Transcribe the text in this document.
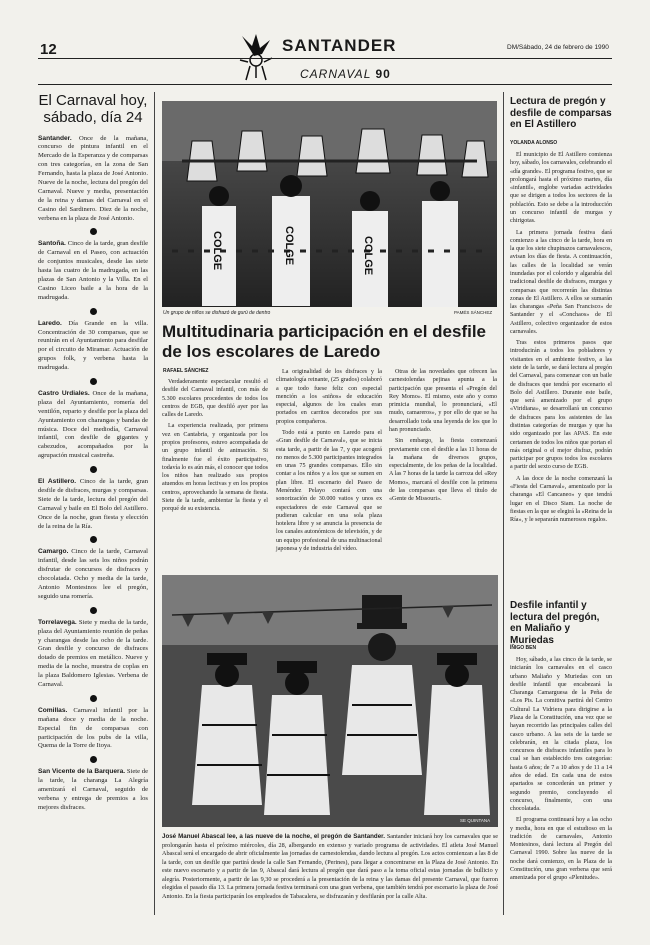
12	SANTANDER	DM/Sábado, 24 de febrero de 1990
CARNAVAL 90
El Carnaval hoy, sábado, día 24

Santander. Once de la mañana, concurso de pintura infantil en el Mercado de la Esperanza y de comparsas con tres categorías, en la zona de San Fernando, hasta la plaza de José Antonio. Nueve de la noche, lectura del pregón del Carnaval. Nueve y media, presentación de la reina y damas del Carnaval en el Casino del Sardinero. Diez de la noche, verbena en la plaza de José Antonio.

Santoña. Cinco de la tarde, gran desfile de Carnaval en el Paseo, con actuación de conjuntos musicales, desde las siete hasta las cuatro de la madrugada, en las plazas de San Antonio y la Villa. En el Casino Liceo baile a la hora de la madrugada.

Laredo. Día Grande en la villa. Concentración de 30 comparsas, que se reunirán en el Ayuntamiento para desfilar por el circuito de Miramar. Actuación de grupos folk, y verbena hasta la madrugada.

Castro Urdiales. Once de la mañana, plaza del Ayuntamiento, romería del ventilón, reparto y desfile por la plaza del Ayuntamiento con charangas y bandas de música. Doce del mediodía, Carnaval infantil, con desfile de gigantes y cabezudos, acompañados por la agrupación musical castreña.

El Astillero. Cinco de la tarde, gran desfile de disfraces, murgas y comparsas. Siete de la tarde, lectura del pregón del Carnaval y baile en El Bolo del Astillero. Once de la noche, gran fiesta y elección de la reina de la Ría.

Camargo. Cinco de la tarde, Carnaval infantil, desde las seis los niños podrán disfrutar de concursos de disfraces y chocolatada. Ocho y media de la tarde, Antonio Montesinos lee el pregón, seguido una romería.

Torrelavega. Siete y media de la tarde, plaza del Ayuntamiento reunión de peñas y charangas desde las ocho de la tarde. Gran desfile y concurso de disfraces dotado de premios en metálico. Nueve y media de la noche, muestra de coplas en la plaza Baldomero Iglesias. Verbena de Carnaval.

Comillas. Carnaval infantil por la mañana doce y media de la noche. Especial fin de comparsas con participación de los pubs de la villa, Quema de la Torre de Itoya.

San Vicente de la Barquera. Siete de la tarde, la charanga La Alegría amenizará el Carnaval, seguido de verbena y entrega de premios a los mejores disfraces.

COLGE	COLGE	COLGE
Un grupo de niños se disfrazó de gurú de dentro	PAMÉS SÁNCHEZ
Multitudinaria participación en el desfile de los escolares de Laredo
RAFAEL SÁNCHEZ

Verdaderamente espectacular resultó el desfile del Carnaval infantil, con más de 5.300 escolares procedentes de todos los centros de EGB, que desfiló ayer por las calles de Laredo.

La experiencia realizada, por primera vez en Cantabria, y organizada por los propios profesores, estuvo acompañada de un grupo infantil de animación. Si finalmente fue el éxito participativo, todavía lo es aún más, el conocer que todos los niños han realizado sus propios atuendos en horas lectivas y en los propios centros, aprovechando la semana de fiesta. Siete de la tarde, ambientar la fiesta y el porqué de su existencia.

La originalidad de los disfraces y la climatología reinante, (25 grados) colaboró a que todo fuese feliz con especial mención a los «niños» de educación especial, algunos de los cuales eran portados en carritos decorados por sus propios compañeros.

Todo está a punto en Laredo para el «Gran desfile de Carnaval», que se inicia esta tarde, a partir de las 7, y que acogerá no menos de 5.300 participantes integrados en unas 75 grandes comparsas. Ello sin contar a los niños y a los que se sumen en plan libre. El escenario del Paseo de Menéndez Pelayo contará con una sonorización de 30.000 vatios y unos ex espectadores de este Carnaval que se pudieran calcular en una sola plaza hotelera libre y se anuncia la presencia de los canales autonómicos de televisión, y de un equipo profesional de una multinacional japonesa y de industria del vídeo.

Otras de las novedades que ofrecen las carnestolendas pejinas apunta a la participación que presenta el «Pregón del Rey Momo». El mismo, este año y como primicia mundial, lo pronunciará, «El mudo, camareros», y por ello de que se ha desarrollado toda una leyenda de los que lo han pronunciado.

Sin embargo, la fiesta comenzará previamente con el desfile a las 11 horas de la mañana de diversos grupos, especialmente, de los peñas de la localidad. A las 7 horas de la tarde la carroza del «Rey Momo», marcará el desfile con la primera de las comparsas que lleva el título de «Gente de Missouri».

Lectura de pregón y desfile de comparsas en El Astillero
YOLANDA ALONSO

El municipio de El Astillero comienza hoy, sábado, los carnavales, celebrando el «día grande». El programa festivo, que se prolongará hasta el próximo martes, día «infantil», englobe variadas actividades que se dirigen a todos los sectores de la población. Esto se debe a la introducción un concurso infantil de murgas y chirigotas.

La primera jornada festiva dará comienzo a las cinco de la tarde, hora en la que los siete chupinazos carnavalescos, avisan los días de fiesta. A continuación, las calles de la localidad se verán inundadas por el colorido y algarabía del tradicional desfile de disfraces, murgas y comparsas que recorrerán las distintas zonas de El Astillero. A ellos se sumarán las charangas «Peña San Francisco» de Santander y el «Conchaos» de El Astillero, colectivo organizador de estos carnavales.

Tras estos primeros pasos que introducirán a todos los pobladores y visitantes en el ambiente festivo, a las siete de la tarde, se dará lectura al pregón del Carnaval, para comenzar con un baile de disfraces que tendrá por escenario el Bolo del Astillero. Durante este baile, que será amenizado por el grupo «Viridiana», se desarrollará un concurso de disfraces para los asistentes de las distintas categorías de murgas y que ha sido organizado por las APAS. En este certamen de todos los niños que portan el más original o el mejor disfraz, podrán participar por grupos todos los escolares a partir del sexto curso de EGB.

A las doce de la noche comenzará la «Fiesta del Carnaval», amenizado por la charanga «El Cancaneo» y que tendrá lugar en el Disco Siam. La noche de fiestas en la que se elegirá la «Reina de la Ría», y le separarán numerosos regalos.

Desfile infantil y lectura del pregón, en Maliaño y Muriedas
ÍÑIGO BEN

Hoy, sábado, a las cinco de la tarde, se iniciarán los carnavales en el casco urbano Maliaño y Muriedas con un desfile infantil que encabezará la Charanga Camarguesa de la Peña de «Los Pis. La comitiva partirá del Centro Cultural La Vidriera para dirigirse a la Plaza de la Constitución, una vez que se hayan recorrido las principales calles del casco urbano. A las seis de la tarde se celebrarán, en la citada plaza, los concursos de disfraces infantiles para lo cual se han establecido tres categorías: hasta 6 años; de 7 a 10 años y de 11 a 14 años de edad. En cada una de estos apartados se concederán un primer y segundo premio, concluyendo el concurso, finalmente, con una chocolatada.

El programa continuará hoy a las ocho y media, hora en que el estudioso en la tradición de carnavales, Antonio Montesinos, dará lectura al Pregón del Carnaval 1990. Sobre las nueve de la noche dará comienzo, en la Plaza de la Constitución, una gran verbena que será amenizada por el grupo «Plenitude».

SE QUINTANA
José Manuel Abascal lee, a las nueve de la noche, el pregón de Santander. Santander iniciará hoy los carnavales que se prolongarán hasta el próximo miércoles, día 28, albergando en extenso y variado programa de actividades. El atleta José Manuel Abascal será el encargado de abrir oficialmente las jornadas de carnestolendas, dando lectura al pregón. Los actos comienzan a las 8 de la tarde, con un desfile que partirá desde la calle San Fernando, (Perines), para llegar a concentrarse en la Plaza de José Antonio. En este nuevo escenario y a partir de las 9, Abascal dará lectura al pregón que dará paso a la toma oficial estas jornadas de bullicio y alegría. Posteriormente, a partir de las 9,30 se procederá a la presentación de la reina y las damas del presente Carnaval, que fueron elegidas el pasado día 13. La primera jornada festiva terminará con una gran verbena, que también tendrá por escenario la plaza de José Antonio. En la fiesta participarán los empleados de Tabacalera, se disfrazarán y desfilarán por la calle Alta.
